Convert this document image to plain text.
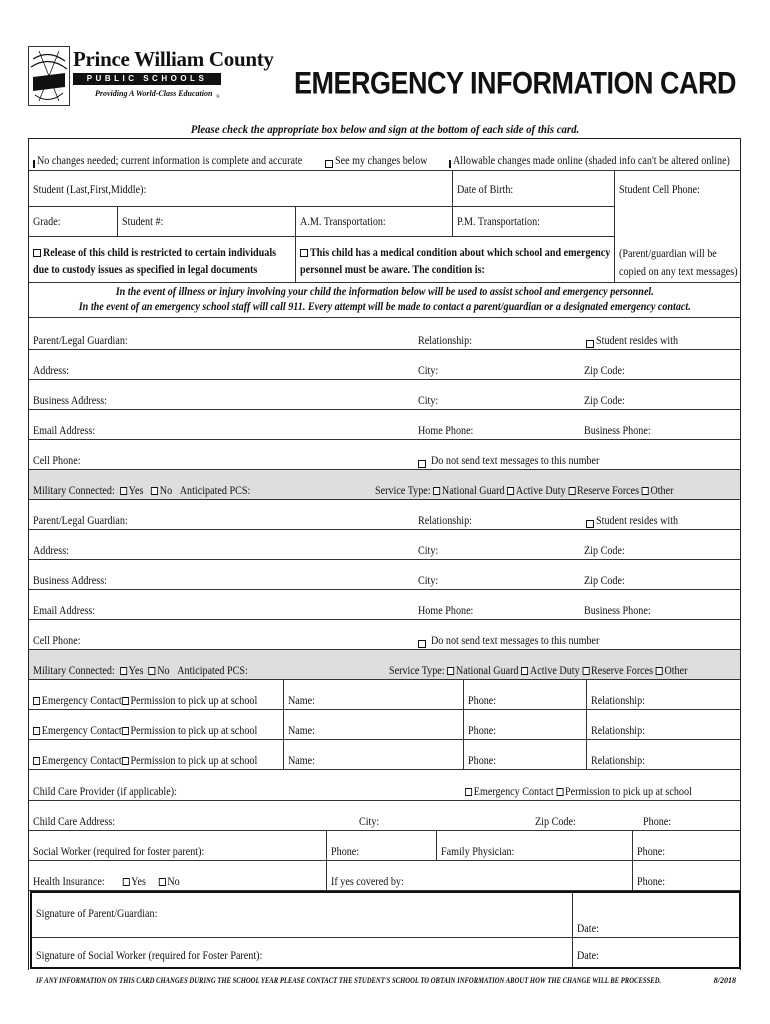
Prince William County
PUBLIC SCHOOLS
Providing A World-Class Education ®	EMERGENCY INFORMATION CARD
Please check the appropriate box below and sign at the bottom of each side of this card.
No changes needed; current information is complete and accurate	See my changes below Allowable changes made online (shaded info can't be altered online)
Student (Last,First,Middle):	Date of Birth:	Student Cell Phone:
(Parent/guardian will be
copied on any text messages)
Grade:	Student #:	A.M. Transportation:	P.M. Transportation:
Release of this child is restricted to certain individuals
due to custody issues as specified in legal documents
This child has a medical condition about which school and emergency
personnel must be aware. The condition is:
In the event of illness or injury involving your child the information below will be used to assist school and emergency personnel.
In the event of an emergency school staff will call 911. Every attempt will be made to contact a parent/guardian or a designated emergency contact.
Parent/Legal Guardian:	Relationship:	Student resides with
Address:	City:	Zip Code:
Business Address:	City:	Zip Code:
Email Address:	Home Phone:	Business Phone:
Cell Phone:
	Do not send text messages to this number
Military Connected: Yes No Anticipated PCS:	Service Type: National Guard Active Duty Reserve Forces Other
Parent/Legal Guardian:	Relationship:	Student resides with
Address:	City:	Zip Code:
Business Address:	City:	Zip Code:
Email Address:	Home Phone:	Business Phone:
Cell Phone:
	Do not send text messages to this number
Military Connected: Yes No Anticipated PCS:	Service Type: National Guard Active Duty Reserve Forces Other
Emergency Contact Permission to pick up at school	Name:	Phone:	Relationship:
Emergency Contact Permission to pick up at school	Name:	Phone:	Relationship:
Emergency Contact Permission to pick up at school	Name:	Phone:	Relationship:
Child Care Provider (if applicable):	Emergency Contact Permission to pick up at school
Child Care Address:	City:	Zip Code:	Phone:
Social Worker (required for foster parent):	Phone:	Family Physician:	Phone:
Health Insurance: Yes No	If yes covered by:	Phone:
Signature of Parent/Guardian:
Date:
Signature of Social Worker (required for Foster Parent):	Date:
IF ANY INFORMATION ON THIS CARD CHANGES DURING THE SCHOOL YEAR PLEASE CONTACT THE STUDENT'S SCHOOL TO OBTAIN INFORMATION ABOUT HOW THE CHANGE WILL BE PROCESSED.	8/2018
